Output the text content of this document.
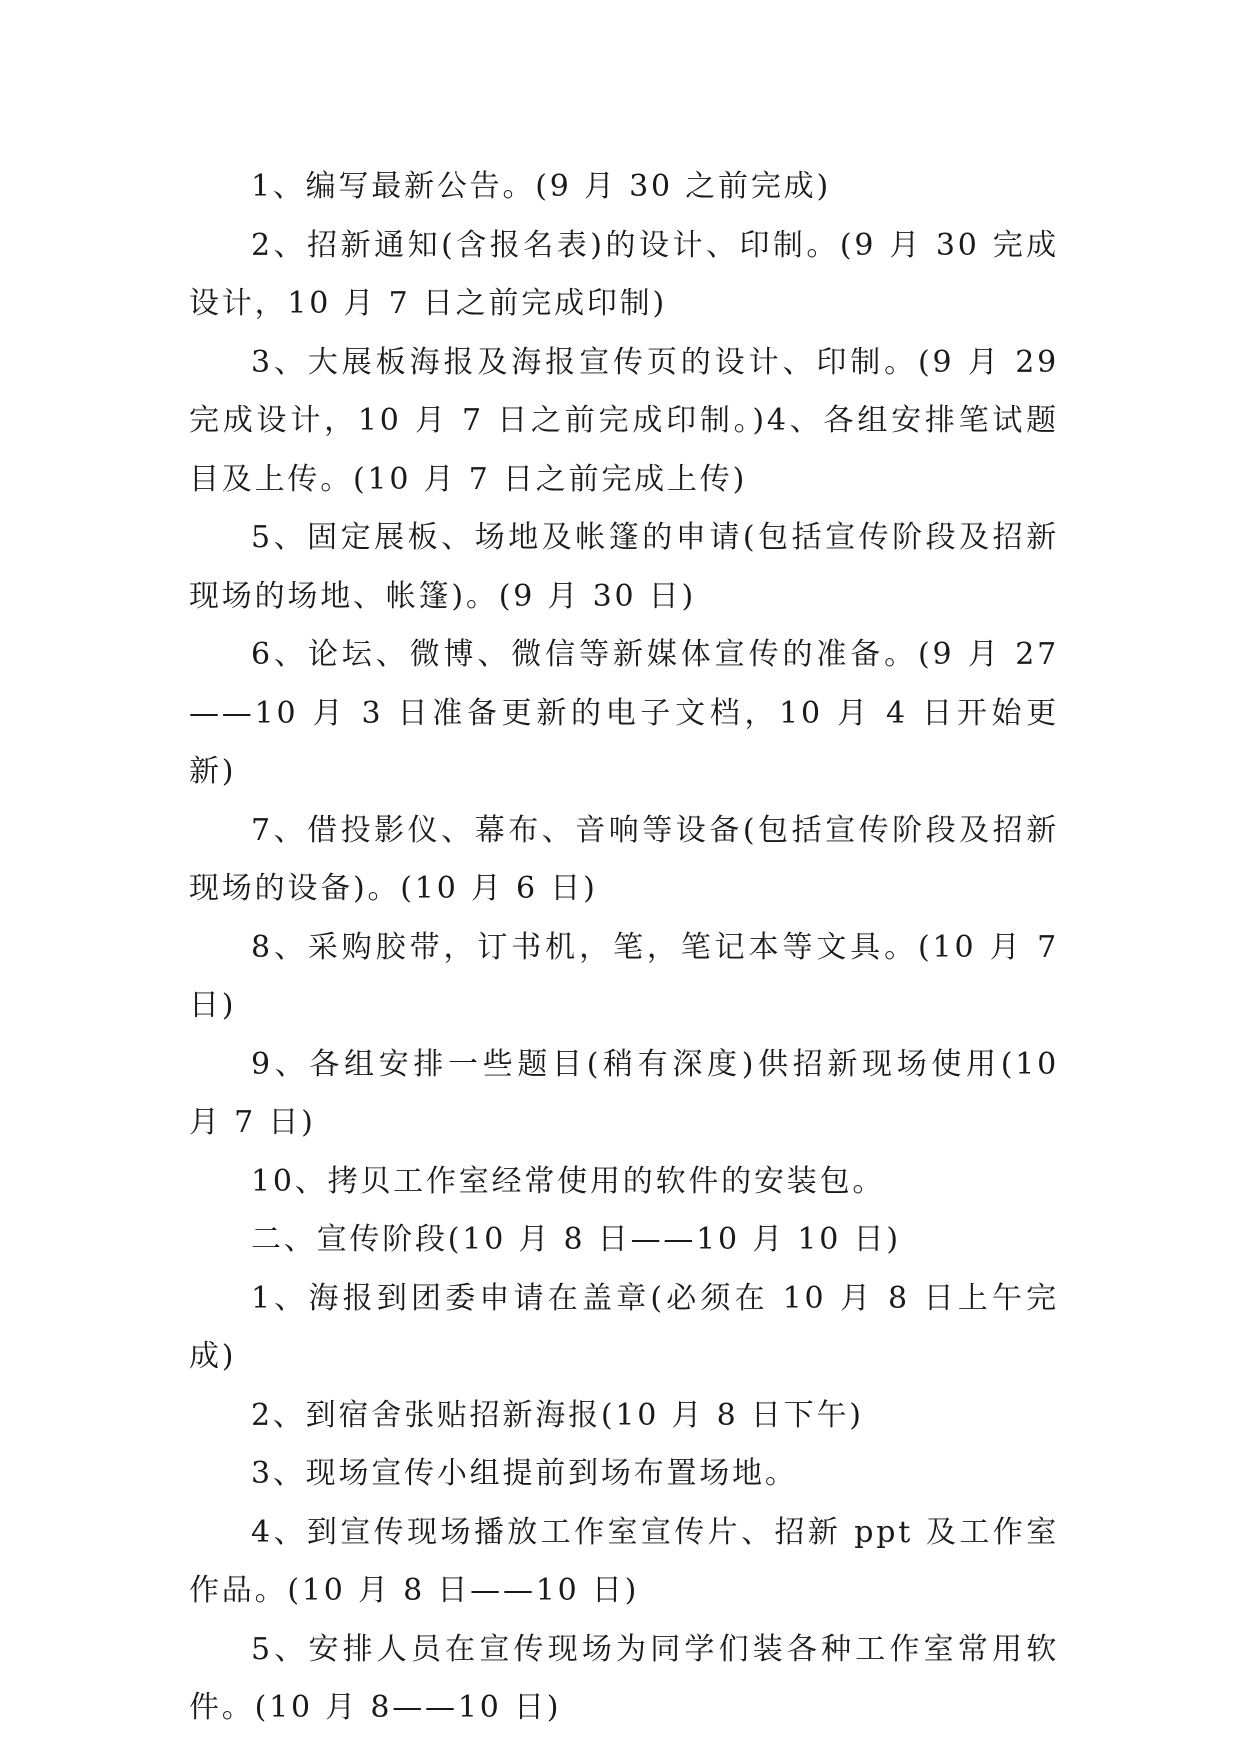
1、编写最新公告。(9 月 30 之前完成)

2、招新通知(含报名表)的设计、印制。(9 月 30 完成设计，10 月 7 日之前完成印制)

3、大展板海报及海报宣传页的设计、印制。(9 月 29 完成设计，10 月 7 日之前完成印制。)4、各组安排笔试题目及上传。(10 月 7 日之前完成上传)

5、固定展板、场地及帐篷的申请(包括宣传阶段及招新现场的场地、帐篷)。(9 月 30 日)

6、论坛、微博、微信等新媒体宣传的准备。(9 月 27——10 月 3 日准备更新的电子文档，10 月 4 日开始更新)

7、借投影仪、幕布、音响等设备(包括宣传阶段及招新现场的设备)。(10 月 6 日)

8、采购胶带，订书机，笔，笔记本等文具。(10 月 7 日)

9、各组安排一些题目(稍有深度)供招新现场使用(10 月 7 日)

10、拷贝工作室经常使用的软件的安装包。

二、宣传阶段(10 月 8 日——10 月 10 日)

1、海报到团委申请在盖章(必须在 10 月 8 日上午完成)

2、到宿舍张贴招新海报(10 月 8 日下午)

3、现场宣传小组提前到场布置场地。

4、到宣传现场播放工作室宣传片、招新 ppt 及工作室作品。(10 月 8 日——10 日)

5、安排人员在宣传现场为同学们装各种工作室常用软件。(10 月 8——10 日)
